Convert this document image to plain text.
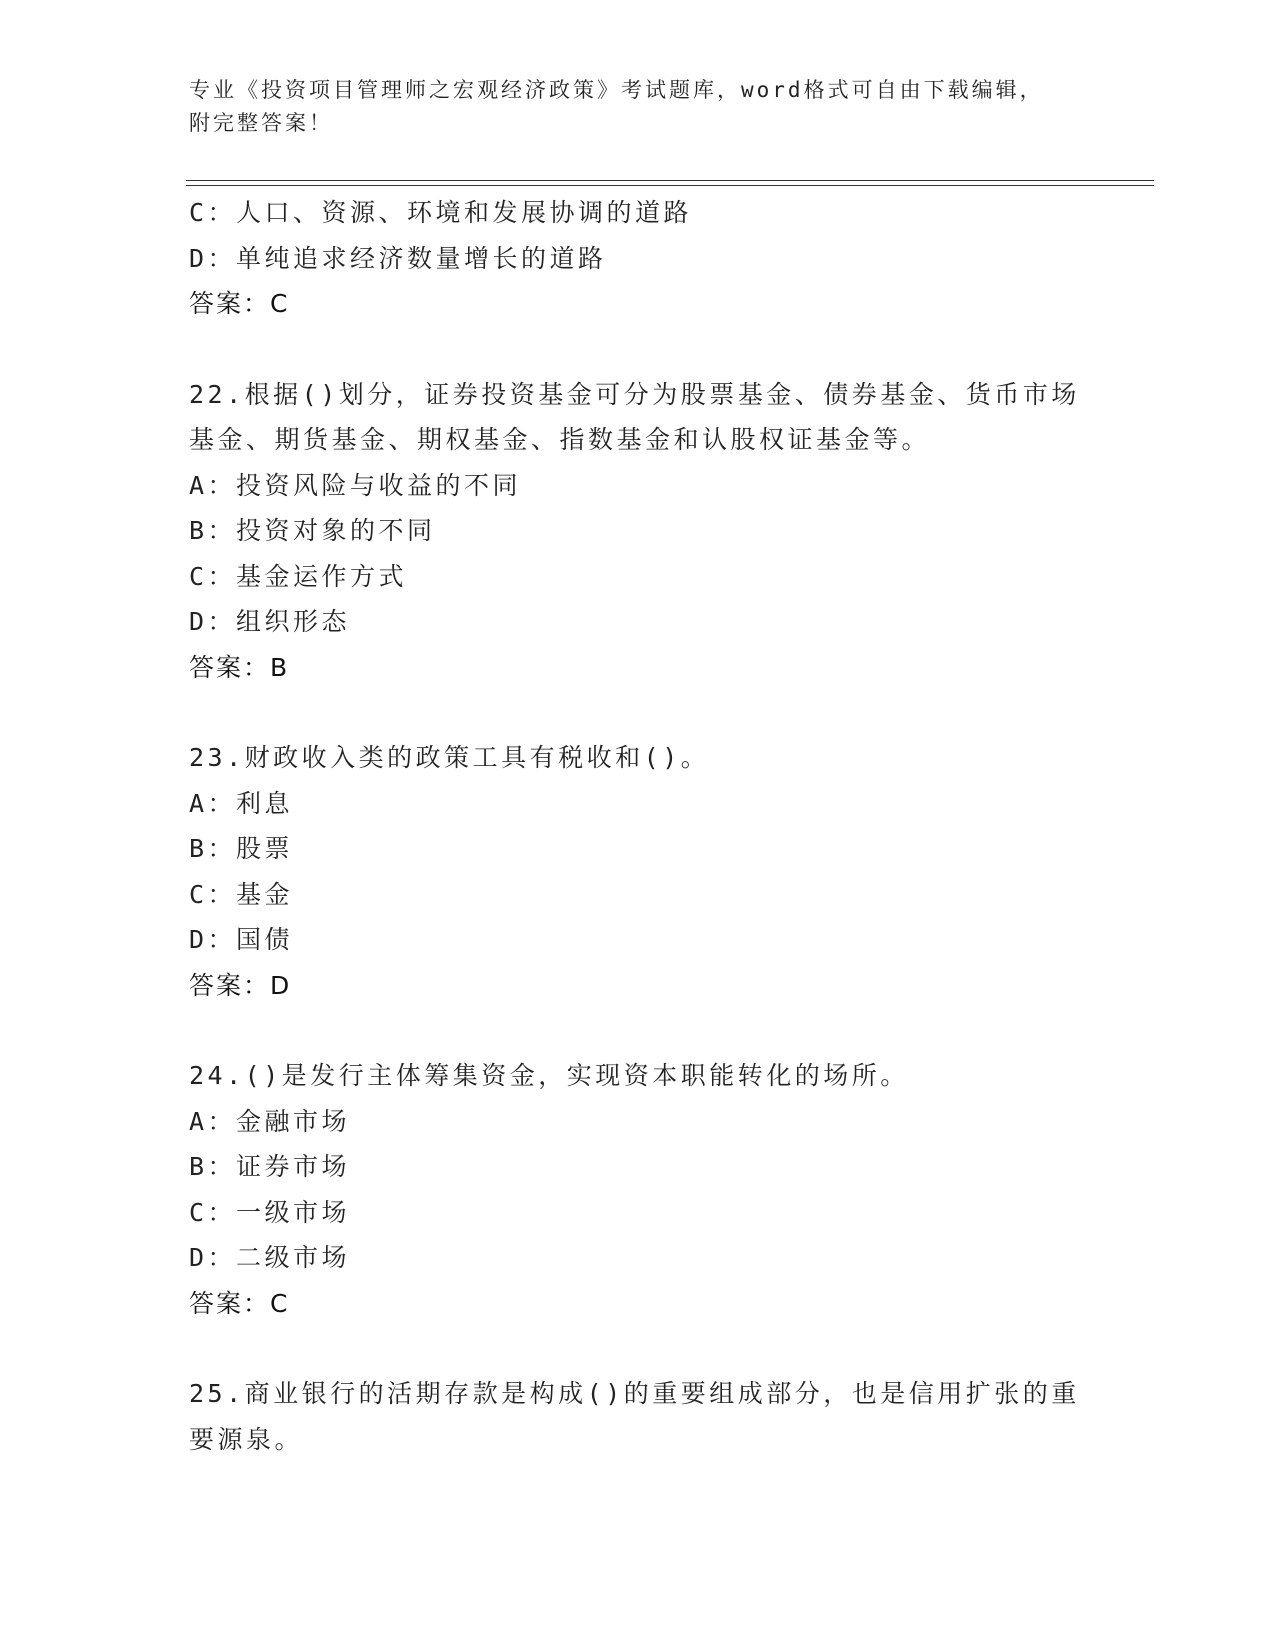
专业《投资项目管理师之宏观经济政策》考试题库，word格式可自由下载编辑，
附完整答案！
C：人口、资源、环境和发展协调的道路
D：单纯追求经济数量增长的道路
答案：C
22.根据()划分，证券投资基金可分为股票基金、债券基金、货币市场
基金、期货基金、期权基金、指数基金和认股权证基金等。
A：投资风险与收益的不同
B：投资对象的不同
C：基金运作方式
D：组织形态
答案：B
23.财政收入类的政策工具有税收和()。
A：利息
B：股票
C：基金
D：国债
答案：D
24.()是发行主体筹集资金，实现资本职能转化的场所。
A：金融市场
B：证券市场
C：一级市场
D：二级市场
答案：C
25.商业银行的活期存款是构成()的重要组成部分，也是信用扩张的重
要源泉。
